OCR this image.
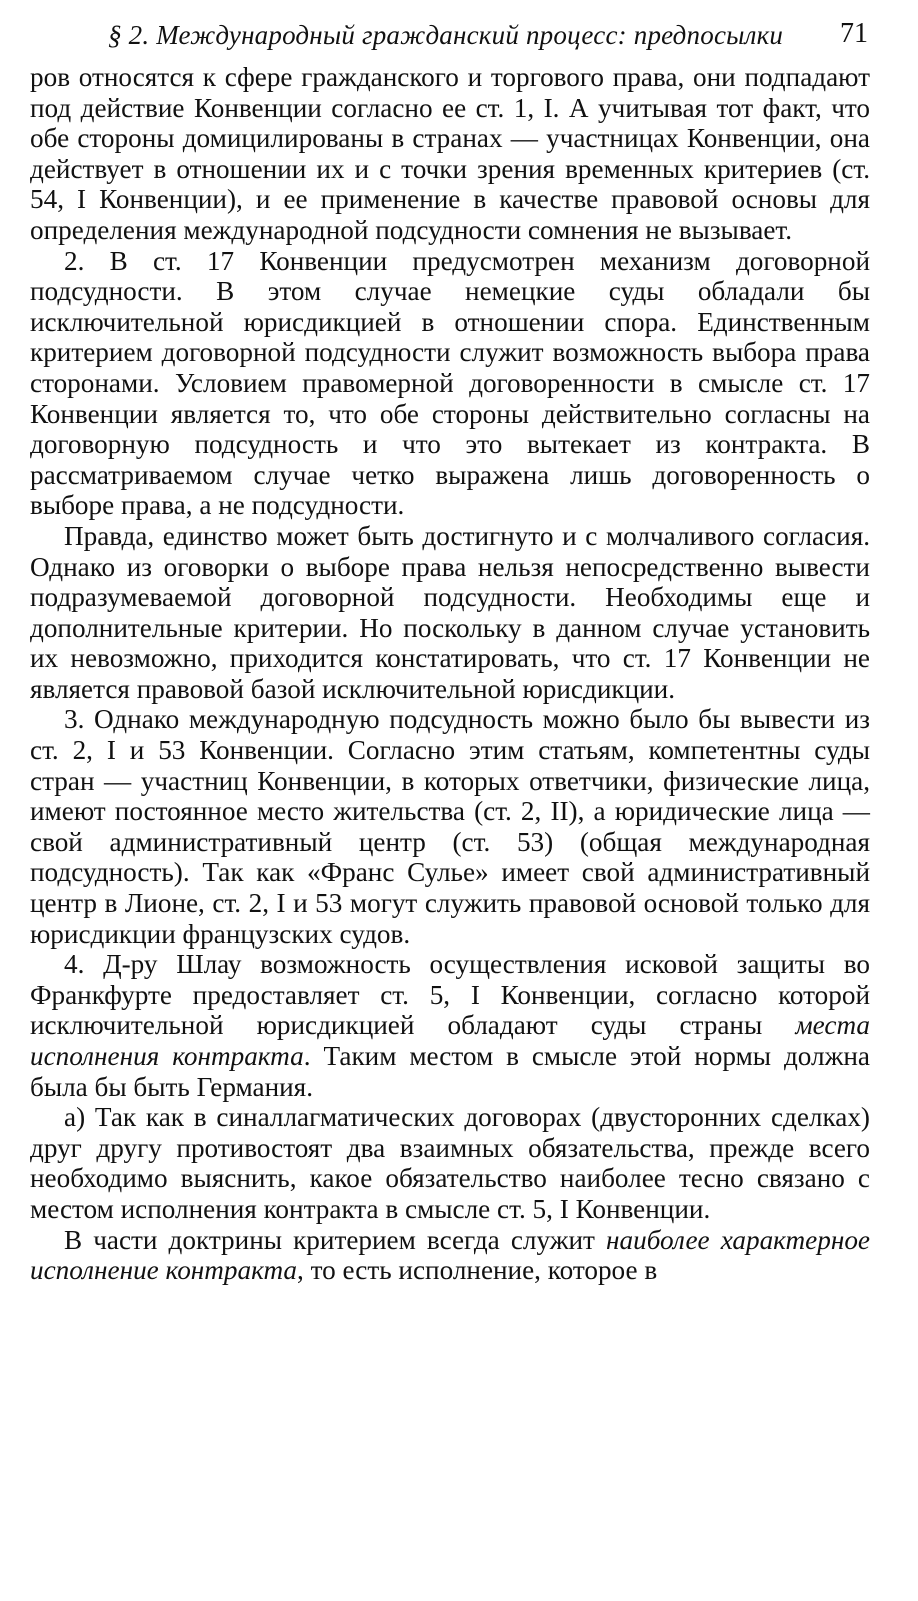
§ 2. Международный гражданский процесс: предпосылки 71

ров относятся к сфере гражданского и торгового права, они подпадают под действие Конвенции согласно ее ст. 1, I. А учитывая тот факт, что обе стороны домицилированы в странах — участницах Конвенции, она действует в отношении их и с точки зрения временных критериев (ст. 54, I Конвенции), и ее применение в качестве правовой основы для определения международной подсудности сомнения не вызывает.

2. В ст. 17 Конвенции предусмотрен механизм договорной подсудности. В этом случае немецкие суды обладали бы исключительной юрисдикцией в отношении спора. Единственным критерием договорной подсудности служит возможность выбора права сторонами. Условием правомерной договоренности в смысле ст. 17 Конвенции является то, что обе стороны действительно согласны на договорную подсудность и что это вытекает из контракта. В рассматриваемом случае четко выражена лишь договоренность о выборе права, а не подсудности.

Правда, единство может быть достигнуто и с молчаливого согласия. Однако из оговорки о выборе права нельзя непосредственно вывести подразумеваемой договорной подсудности. Необходимы еще и дополнительные критерии. Но поскольку в данном случае установить их невозможно, приходится констатировать, что ст. 17 Конвенции не является правовой базой исключительной юрисдикции.

3. Однако международную подсудность можно было бы вывести из ст. 2, I и 53 Конвенции. Согласно этим статьям, компетентны суды стран — участниц Конвенции, в которых ответчики, физические лица, имеют постоянное место жительства (ст. 2, II), а юридические лица — свой административный центр (ст. 53) (общая международная подсудность). Так как «Франс Сулье» имеет свой административный центр в Лионе, ст. 2, I и 53 могут служить правовой основой только для юрисдикции французских судов.

4. Д-ру Шлау возможность осуществления исковой защиты во Франкфурте предоставляет ст. 5, I Конвенции, согласно которой исключительной юрисдикцией обладают суды страны места исполнения контракта. Таким местом в смысле этой нормы должна была бы быть Германия.

а) Так как в синаллагматических договорах (двусторонних сделках) друг другу противостоят два взаимных обязательства, прежде всего необходимо выяснить, какое обязательство наиболее тесно связано с местом исполнения контракта в смысле ст. 5, I Конвенции.

В части доктрины критерием всегда служит наиболее характерное исполнение контракта, то есть исполнение, которое в
